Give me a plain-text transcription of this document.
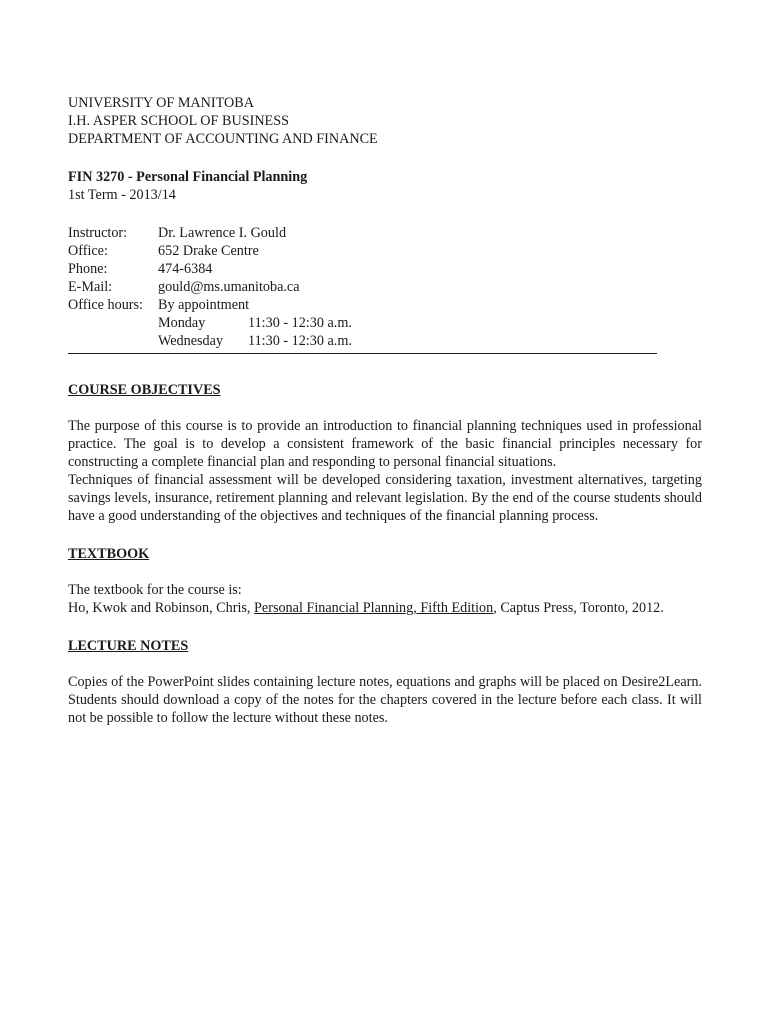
UNIVERSITY OF MANITOBA
I.H. ASPER SCHOOL OF BUSINESS
DEPARTMENT OF ACCOUNTING AND FINANCE
FIN 3270 - Personal Financial Planning
1st Term - 2013/14
Instructor:	Dr. Lawrence I. Gould
Office:	652 Drake Centre
Phone:	474-6384
E-Mail:	gould@ms.umanitoba.ca
Office hours:	By appointment
Monday	11:30 - 12:30 a.m.
Wednesday 11:30 - 12:30 a.m.
COURSE OBJECTIVES

The purpose of this course is to provide an introduction to financial planning techniques used in professional practice. The goal is to develop a consistent framework of the basic financial principles necessary for constructing a complete financial plan and responding to personal financial situations.

Techniques of financial assessment will be developed considering taxation, investment alternatives, targeting savings levels, insurance, retirement planning and relevant legislation. By the end of the course students should have a good understanding of the objectives and techniques of the financial planning process.

TEXTBOOK

The textbook for the course is:

Ho, Kwok and Robinson, Chris, Personal Financial Planning, Fifth Edition, Captus Press, Toronto, 2012.

LECTURE NOTES

Copies of the PowerPoint slides containing lecture notes, equations and graphs will be placed on Desire2Learn. Students should download a copy of the notes for the chapters covered in the lecture before each class. It will not be possible to follow the lecture without these notes.
